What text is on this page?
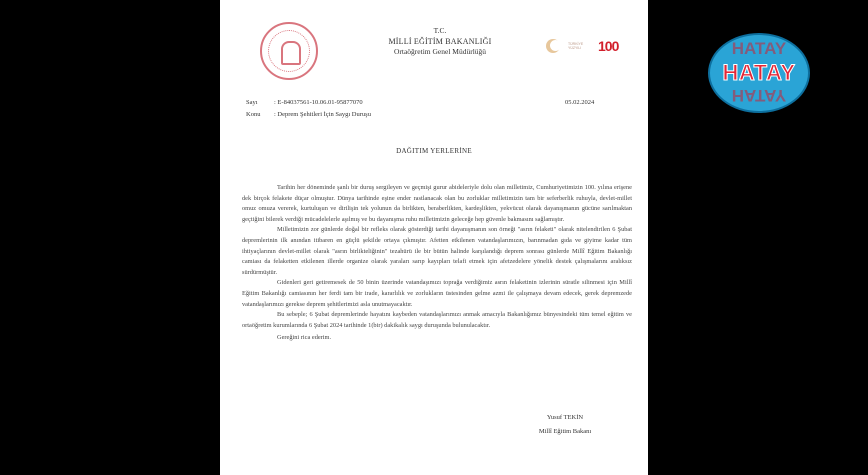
T.C.
MİLLİ EĞİTİM BAKANLIĞI
Ortaöğretim Genel Müdürlüğü
TÜRKİYE YÜZYILI	100
Sayı	: E-84037561-10.06.01-95877070
Konu : Deprem Şehitleri İçin Saygı Duruşu
05.02.2024
DAĞITIM YERLERİNE

Tarihin her döneminde şanlı bir duruş sergileyen ve geçmişi gurur abideleriyle dolu olan milletimiz, Cumhuriyetimizin 100. yılına erişene dek birçok felakete düçar olmuştur. Dünya tarihinde eşine ender rastlanacak olan bu zorluklar milletimizin tam bir seferberlik ruhuyla, devlet-millet omuz omuza vererek, kurtuluşun ve dirilişin tek yolunun da birlikten, beraberlikten, kardeşlikten, yekvücut olarak dayanışmanın gücüne sarılmaktan geçtiğini bilerek verdiği mücadelelerle aşılmış ve bu dayanışma ruhu milletimizin geleceğe hep güvenle bakmasını sağlamıştır.

Milletimizin zor günlerde doğal bir refleks olarak gösterdiği tarihi dayanışmanın son örneği "asrın felaketi" olarak nitelendirilen 6 Şubat depremlerinin ilk anından itibaren en güçlü şekilde ortaya çıkmıştır. Afetten etkilenen vatandaşlarımızın, barınmadan gıda ve giyime kadar tüm ihtiyaçlarının devlet-millet olarak "asrın birlikteliğinin" tezahürü ile bir bütün halinde karşılandığı deprem sonrası günlerde Millî Eğitim Bakanlığı camiası da felaketten etkilenen illerde organize olarak yaraları sarıp kayıpları telafi etmek için afetzedelere yönelik destek çalışmalarını aralıksız sürdürmüştür.

Gidenleri geri getiremesek de 50 binin üzerinde vatandaşımızı toprağa verdiğimiz asrın felaketinin izlerinin süratle silinmesi için Millî Eğitim Bakanlığı camiasının her ferdi tam bir irade, kararlılık ve zorlukların üstesinden gelme azmi ile çalışmaya devam edecek, gerek depremzede vatandaşlarımızı gerekse deprem şehitlerimizi asla unutmayacaktır.

Bu sebeple; 6 Şubat depremlerinde hayatını kaybeden vatandaşlarımızı anmak amacıyla Bakanlığımız bünyesindeki tüm temel eğitim ve ortaöğretim kurumlarında 6 Şubat 2024 tarihinde 1(bir) dakikalık saygı duruşunda bulunulacaktır.

Gereğini rica ederim.

Yusuf TEKİN
Millî Eğitim Bakanı
HATAY
HATAY
HATAY
